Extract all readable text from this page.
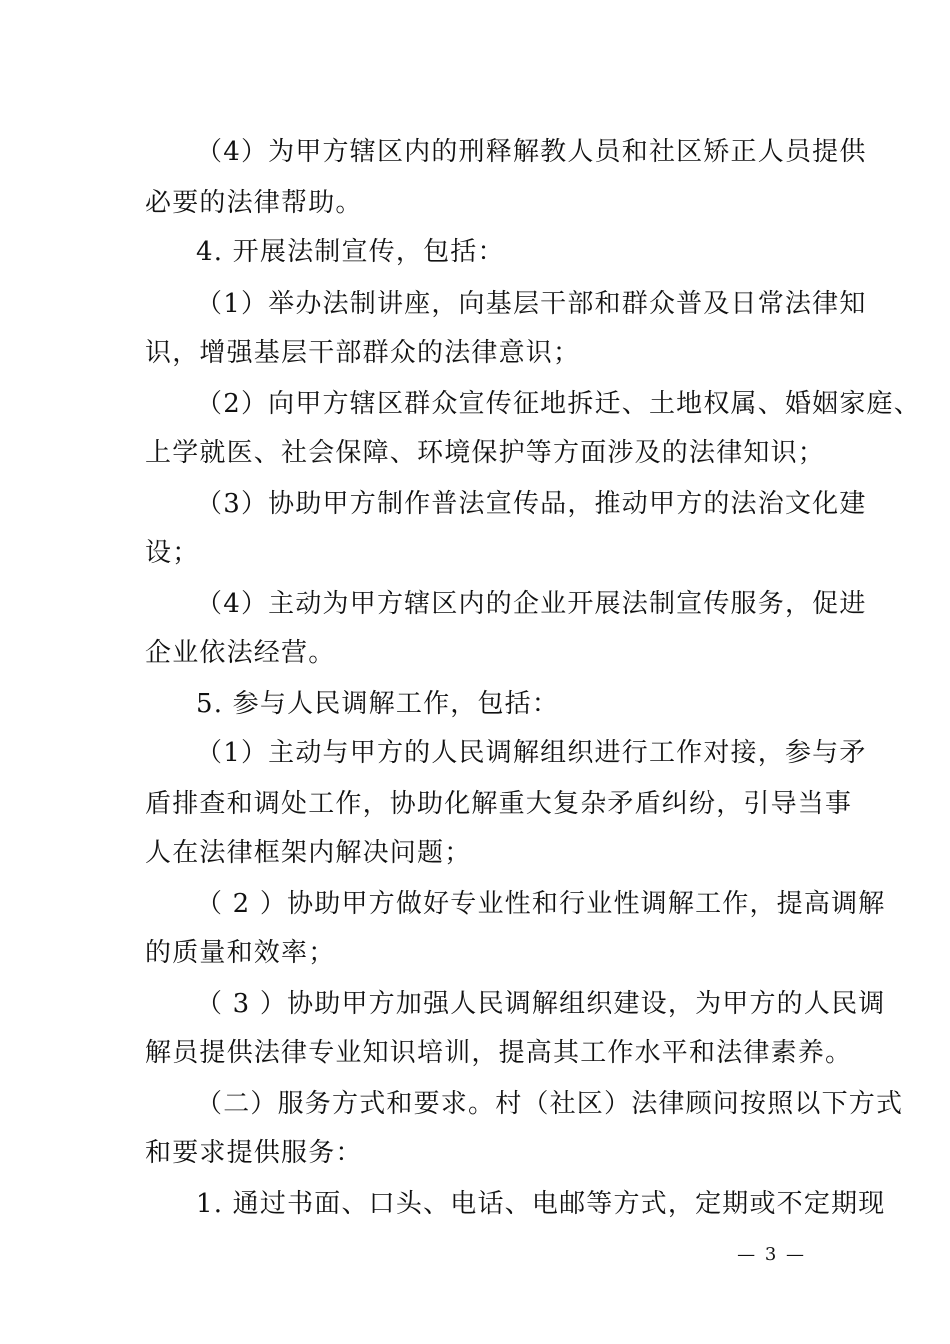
（4）为甲方辖区内的刑释解教人员和社区矫正人员提供
必要的法律帮助。
4. 开展法制宣传，包括：
（1）举办法制讲座，向基层干部和群众普及日常法律知
识，增强基层干部群众的法律意识；
（2）向甲方辖区群众宣传征地拆迁、土地权属、婚姻家庭、
上学就医、社会保障、环境保护等方面涉及的法律知识；
（3）协助甲方制作普法宣传品，推动甲方的法治文化建
设；
（4）主动为甲方辖区内的企业开展法制宣传服务，促进
企业依法经营。
5. 参与人民调解工作，包括：
（1）主动与甲方的人民调解组织进行工作对接，参与矛
盾排查和调处工作，协助化解重大复杂矛盾纠纷，引导当事
人在法律框架内解决问题；
（ 2 ）协助甲方做好专业性和行业性调解工作，提高调解
的质量和效率；
（ 3 ）协助甲方加强人民调解组织建设，为甲方的人民调
解员提供法律专业知识培训，提高其工作水平和法律素养。
（二）服务方式和要求。村（社区）法律顾问按照以下方式
和要求提供服务：
1. 通过书面、口头、电话、电邮等方式，定期或不定期现
— 3 —
